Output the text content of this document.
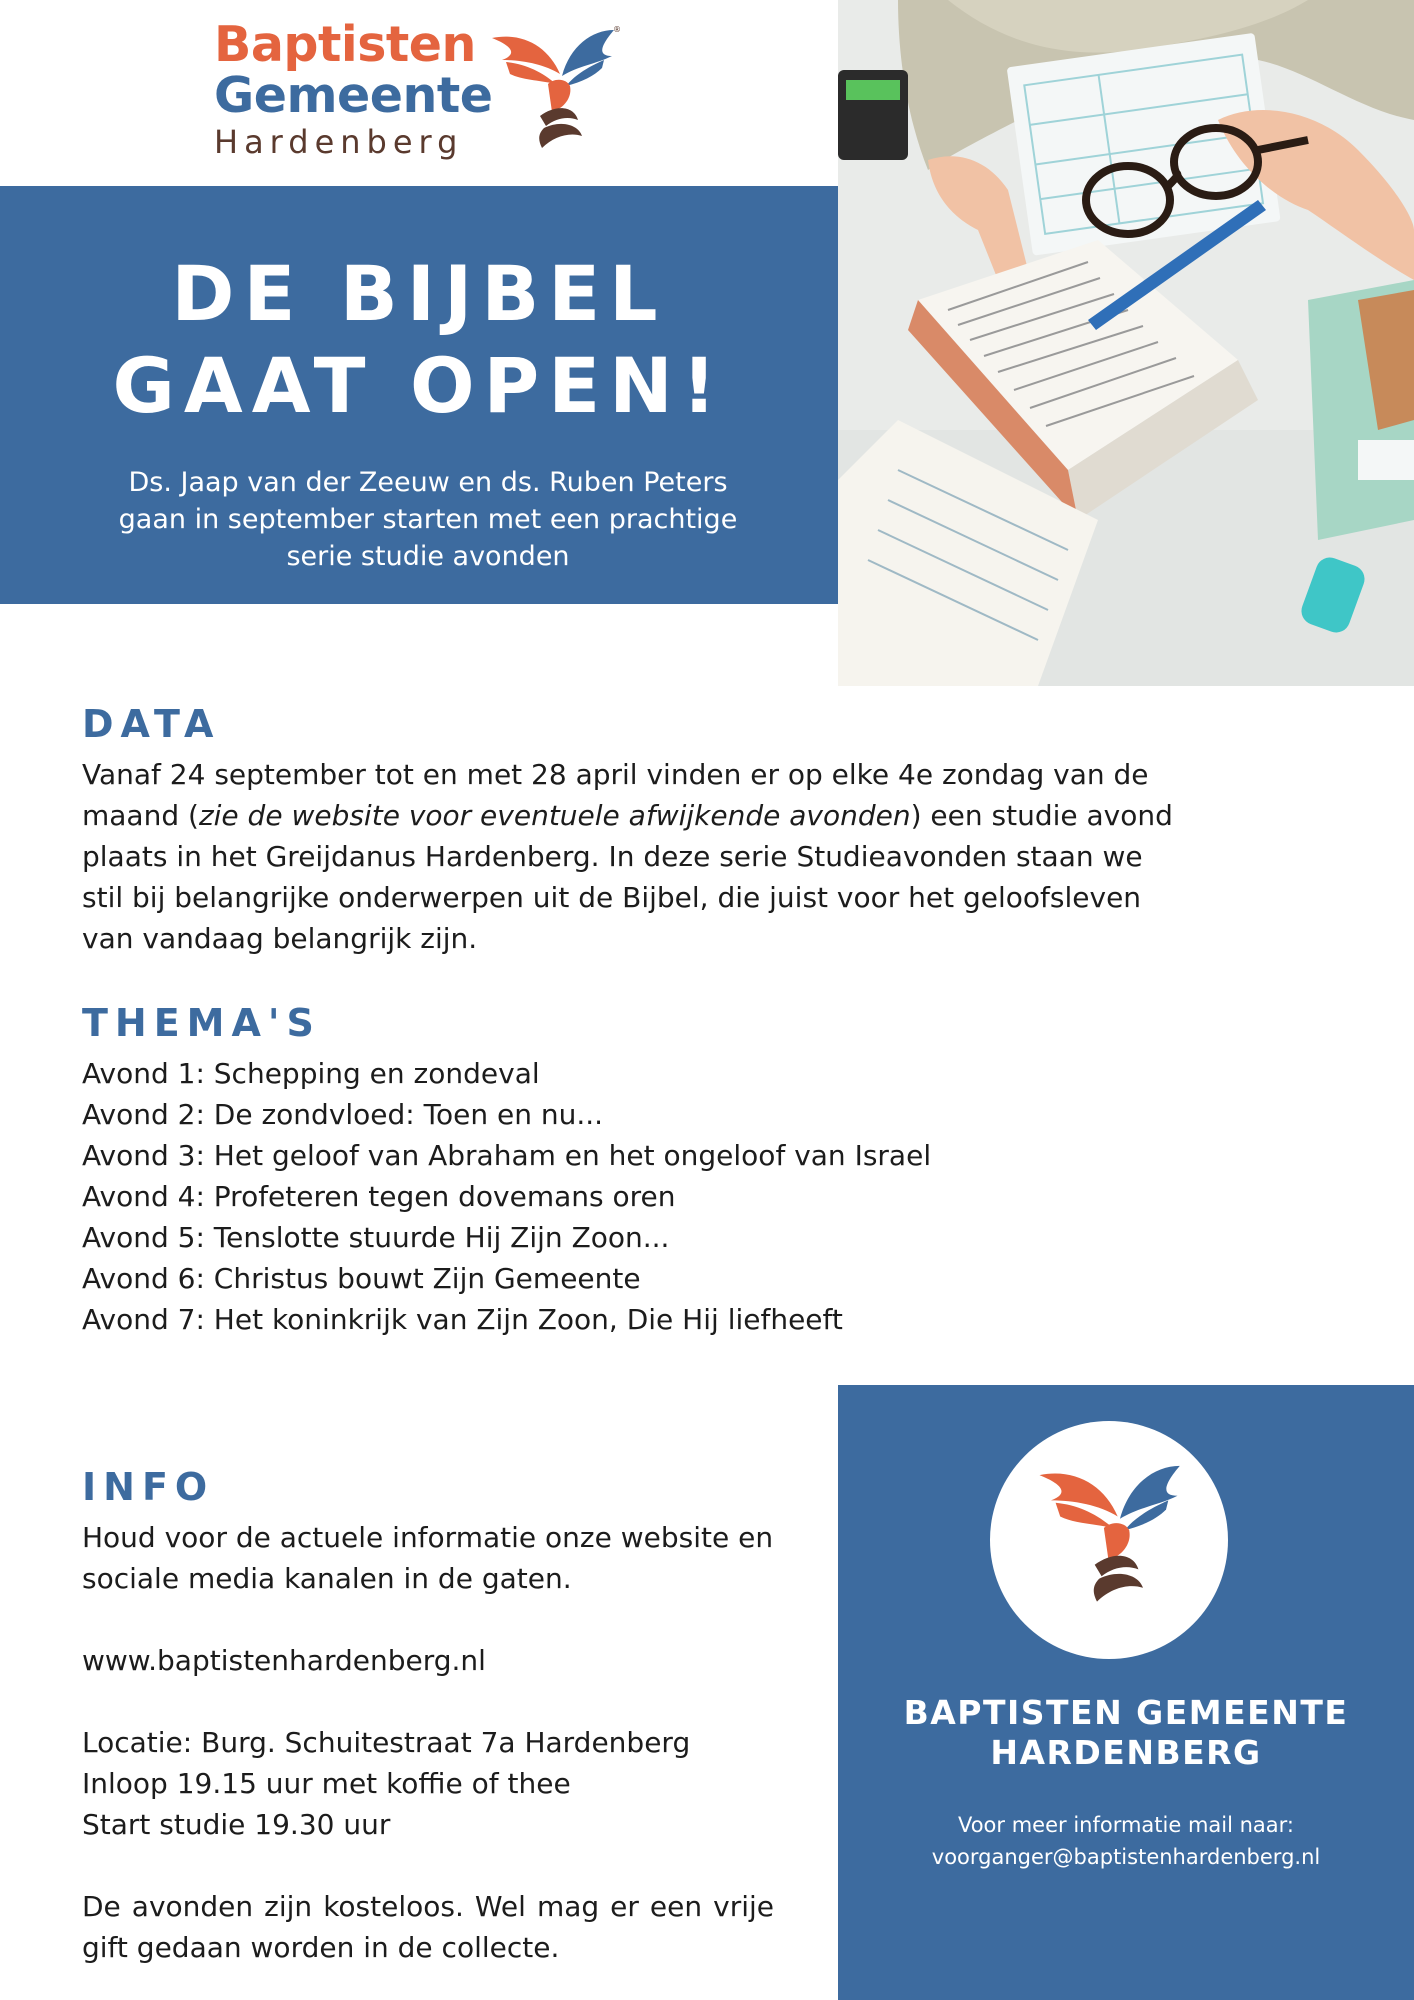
Baptisten
Gemeente
Hardenberg
®
DE BIJBEL
GAAT OPEN!

Ds. Jaap van der Zeeuw en ds. Ruben Peters
gaan in september starten met een prachtige
serie studie avonden

DATA

Vanaf 24 september tot en met 28 april vinden er op elke 4e zondag van de maand (zie de website voor eventuele afwijkende avonden) een studie avond plaats in het Greijdanus Hardenberg. In deze serie Studieavonden staan we stil bij belangrijke onderwerpen uit de Bijbel, die juist voor het geloofsleven van vandaag belangrijk zijn.

THEMA'S
Avond 1: Schepping en zondeval
Avond 2: De zondvloed: Toen en nu...
Avond 3: Het geloof van Abraham en het ongeloof van Israel
Avond 4: Profeteren tegen dovemans oren
Avond 5: Tenslotte stuurde Hij Zijn Zoon...
Avond 6: Christus bouwt Zijn Gemeente
Avond 7: Het koninkrijk van Zijn Zoon, Die Hij liefheeft
INFO

Houd voor de actuele informatie onze website en sociale media kanalen in de gaten.

www.baptistenhardenberg.nl

Locatie: Burg. Schuitestraat 7a Hardenberg

Inloop 19.15 uur met koffie of thee

Start studie 19.30 uur

De avonden zijn kosteloos. Wel mag er een vrije gift gedaan worden in de collecte.

BAPTISTEN GEMEENTE
HARDENBERG

Voor meer informatie mail naar:
voorganger@baptistenhardenberg.nl
